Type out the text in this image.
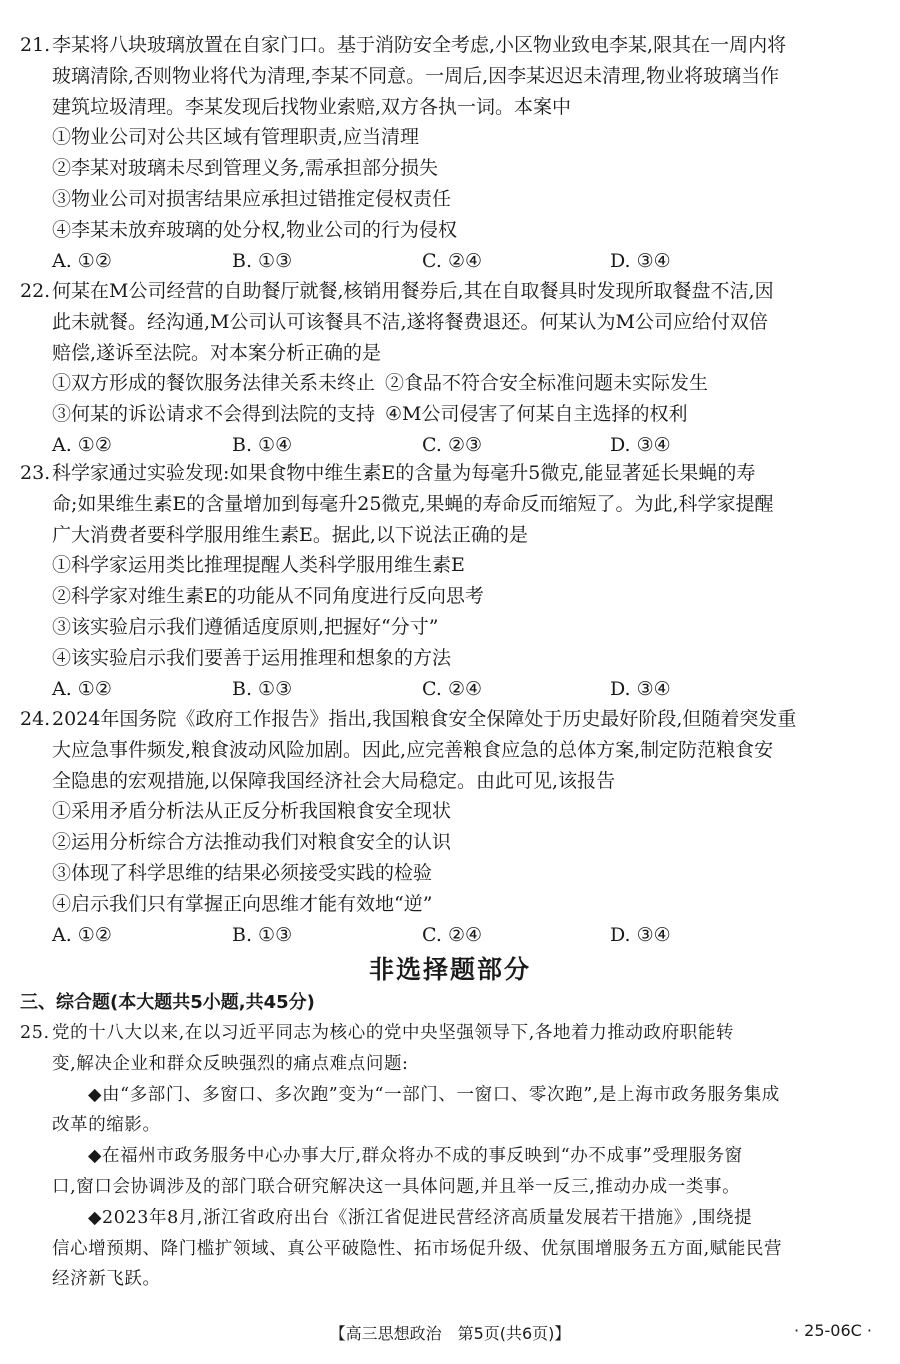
21.李某将八块玻璃放置在自家门口。基于消防安全考虑,小区物业致电李某,限其在一周内将
玻璃清除,否则物业将代为清理,李某不同意。一周后,因李某迟迟未清理,物业将玻璃当作
建筑垃圾清理。李某发现后找物业索赔,双方各执一词。本案中
①物业公司对公共区域有管理职责,应当清理
②李某对玻璃未尽到管理义务,需承担部分损失
③物业公司对损害结果应承担过错推定侵权责任
④李某未放弃玻璃的处分权,物业公司的行为侵权
A. ①②	B. ①③	C. ②④	D. ③④
22.何某在M公司经营的自助餐厅就餐,核销用餐券后,其在自取餐具时发现所取餐盘不洁,因
此未就餐。经沟通,M公司认可该餐具不洁,遂将餐费退还。何某认为M公司应给付双倍
赔偿,遂诉至法院。对本案分析正确的是
①双方形成的餐饮服务法律关系未终止 ②食品不符合安全标准问题未实际发生
③何某的诉讼请求不会得到法院的支持 ④M公司侵害了何某自主选择的权利
A. ①②	B. ①④	C. ②③	D. ③④
23.科学家通过实验发现:如果食物中维生素E的含量为每毫升5微克,能显著延长果蝇的寿
命;如果维生素E的含量增加到每毫升25微克,果蝇的寿命反而缩短了。为此,科学家提醒
广大消费者要科学服用维生素E。据此,以下说法正确的是
①科学家运用类比推理提醒人类科学服用维生素E
②科学家对维生素E的功能从不同角度进行反向思考
③该实验启示我们遵循适度原则,把握好“分寸”
④该实验启示我们要善于运用推理和想象的方法
A. ①②	B. ①③	C. ②④	D. ③④
24.2024年国务院《政府工作报告》指出,我国粮食安全保障处于历史最好阶段,但随着突发重
大应急事件频发,粮食波动风险加剧。因此,应完善粮食应急的总体方案,制定防范粮食安
全隐患的宏观措施,以保障我国经济社会大局稳定。由此可见,该报告
①采用矛盾分析法从正反分析我国粮食安全现状
②运用分析综合方法推动我们对粮食安全的认识
③体现了科学思维的结果必须接受实践的检验
④启示我们只有掌握正向思维才能有效地“逆”
A. ①②	B. ①③	C. ②④	D. ③④
非选择题部分
三、综合题(本大题共5小题,共45分)
25. 党的十八大以来,在以习近平同志为核心的党中央坚强领导下,各地着力推动政府职能转
变,解决企业和群众反映强烈的痛点难点问题:
◆由“多部门、多窗口、多次跑”变为“一部门、一窗口、零次跑”,是上海市政务服务集成
改革的缩影。
◆在福州市政务服务中心办事大厅,群众将办不成的事反映到“办不成事”受理服务窗
口,窗口会协调涉及的部门联合研究解决这一具体问题,并且举一反三,推动办成一类事。
◆2023年8月,浙江省政府出台《浙江省促进民营经济高质量发展若干措施》,围绕提
信心增预期、降门槛扩领域、真公平破隐性、拓市场促升级、优氛围增服务五方面,赋能民营
经济新飞跃。
【高三思想政治　第5页(共6页)】	· 25-06C ·
